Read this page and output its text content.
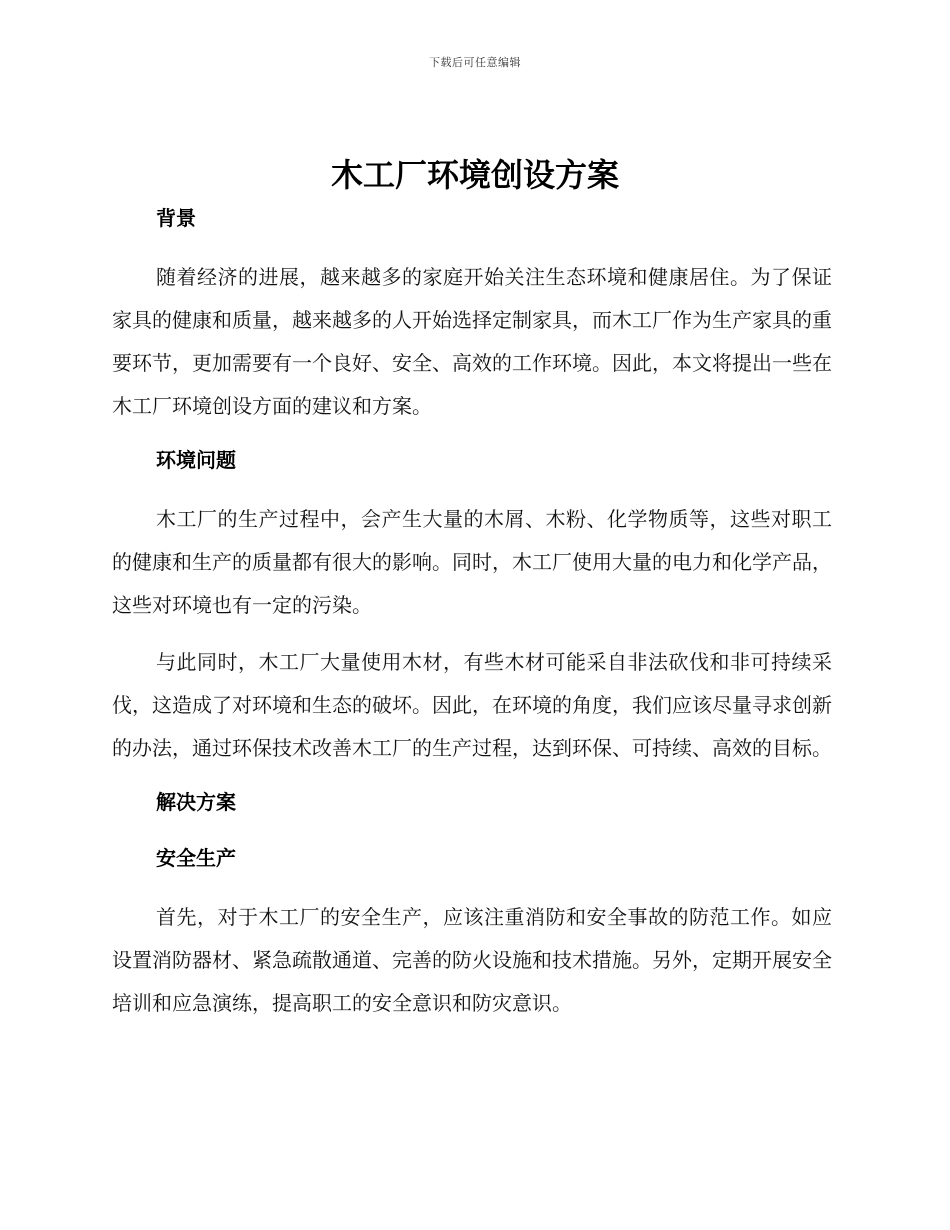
下载后可任意编辑
木工厂环境创设方案
背景

随着经济的进展，越来越多的家庭开始关注生态环境和健康居住。为了保证家具的健康和质量，越来越多的人开始选择定制家具，而木工厂作为生产家具的重要环节，更加需要有一个良好、安全、高效的工作环境。因此，本文将提出一些在木工厂环境创设方面的建议和方案。

环境问题

木工厂的生产过程中，会产生大量的木屑、木粉、化学物质等，这些对职工的健康和生产的质量都有很大的影响。同时，木工厂使用大量的电力和化学产品，这些对环境也有一定的污染。

与此同时，木工厂大量使用木材，有些木材可能采自非法砍伐和非可持续采伐，这造成了对环境和生态的破坏。因此，在环境的角度，我们应该尽量寻求创新的办法，通过环保技术改善木工厂的生产过程，达到环保、可持续、高效的目标。

解决方案
安全生产

首先，对于木工厂的安全生产，应该注重消防和安全事故的防范工作。如应设置消防器材、紧急疏散通道、完善的防火设施和技术措施。另外，定期开展安全培训和应急演练，提高职工的安全意识和防灾意识。
